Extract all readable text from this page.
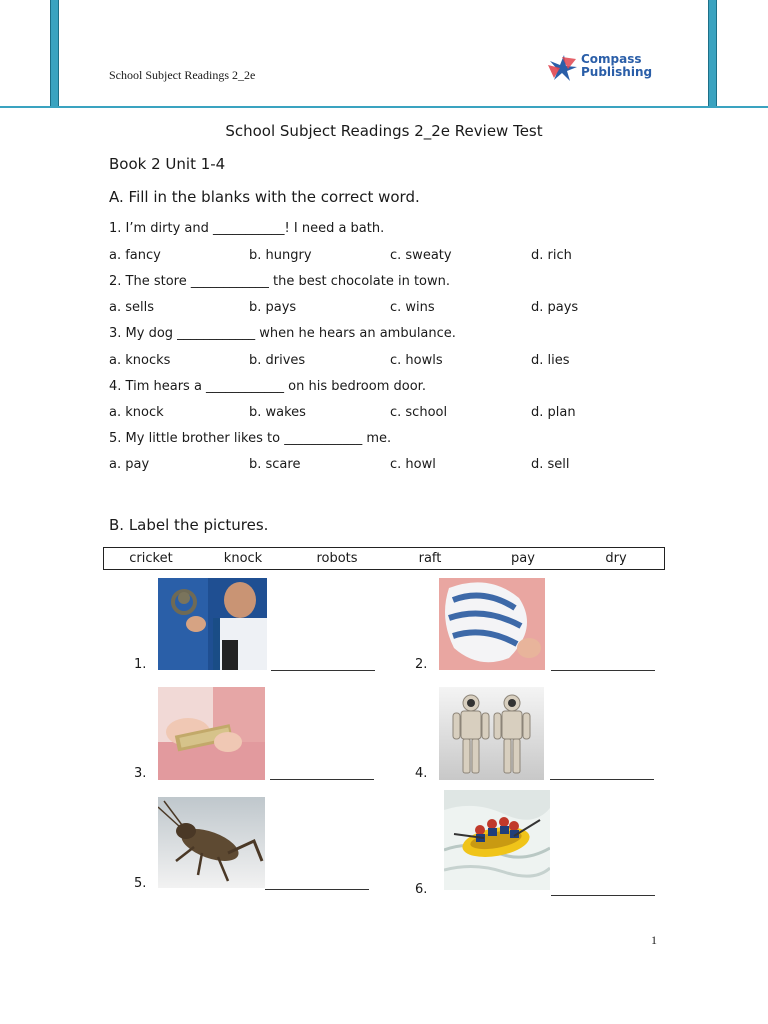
School Subject Readings 2_2e
Compass
Publishing
School Subject Readings 2_2e Review Test
Book 2 Unit 1-4
A. Fill in the blanks with the correct word.
1. I’m dirty and ___________! I need a bath.
a. fancy	b. hungry	c. sweaty	d. rich
2. The store ____________ the best chocolate in town.
a. sells	b. pays	c. wins	d. pays
3. My dog ____________ when he hears an ambulance.
a. knocks	b. drives	c. howls	d. lies
4. Tim hears a ____________ on his bedroom door.
a. knock	b. wakes	c. school	d. plan
5. My little brother likes to ____________ me.
a. pay	b. scare	c. howl	d. sell
B. Label the pictures.
cricket	knock	robots	raft	pay	dry
1.	2.
3.	4.
5.	6.
1
